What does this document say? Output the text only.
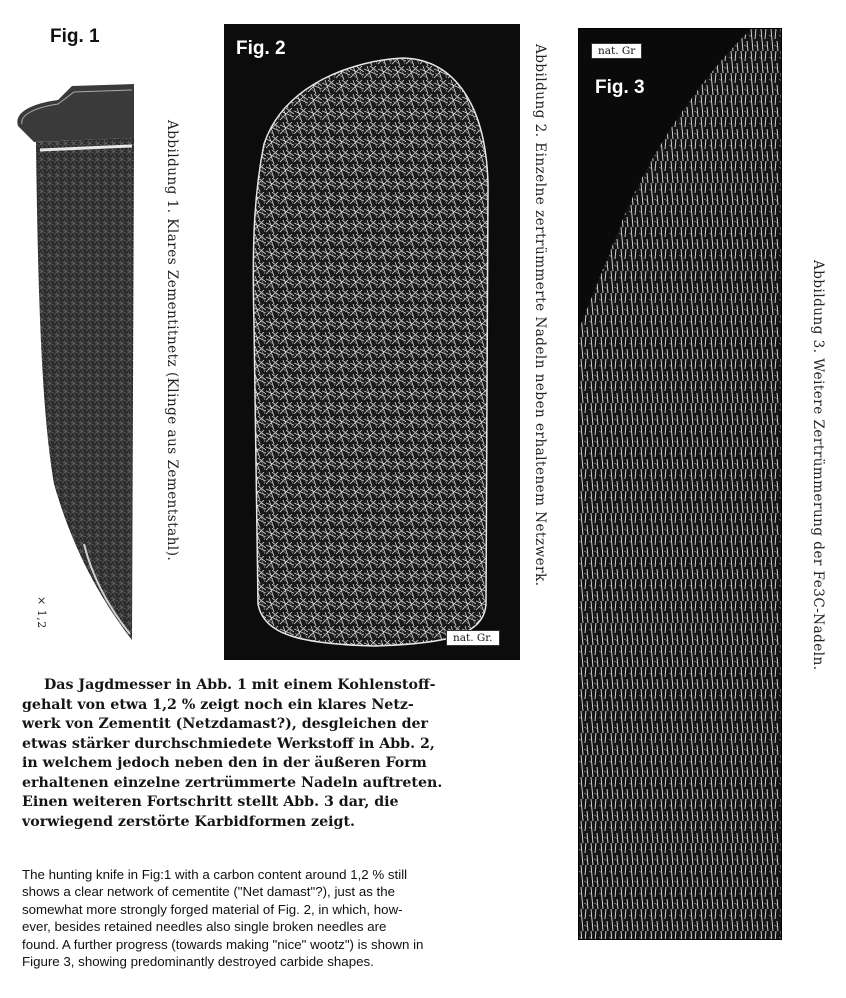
Fig. 1
Abbildung 1. Klares Zementitnetz (Klinge aus Zementstahl).
× 1,2
Fig. 2
nat. Gr.
Abbildung 2. Einzelne zertrümmerte Nadeln neben erhaltenem Netzwerk.	nat. Gr
Fig. 3
Abbildung 3. Weitere Zertrümmerung der Fe3C-Nadeln.

Das Jagdmesser in Abb. 1 mit einem Kohlenstoff-

gehalt von etwa 1,2 % zeigt noch ein klares Netz-

werk von Zementit (Netzdamast?), desgleichen der

etwas stärker durchschmiedete Werkstoff in Abb. 2,

in welchem jedoch neben den in der äußeren Form

erhaltenen einzelne zertrümmerte Nadeln auftreten.

Einen weiteren Fortschritt stellt Abb. 3 dar, die

vorwiegend zerstörte Karbidformen zeigt.

The hunting knife in Fig:1 with a carbon content around 1,2 % still

shows a clear network of cementite ("Net damast"?), just as the

somewhat more strongly forged material of Fig. 2, in which, how-

ever, besides retained needles also single broken needles are

found. A further progress (towards making "nice" wootz") is shown in

Figure 3, showing predominantly destroyed carbide shapes.
